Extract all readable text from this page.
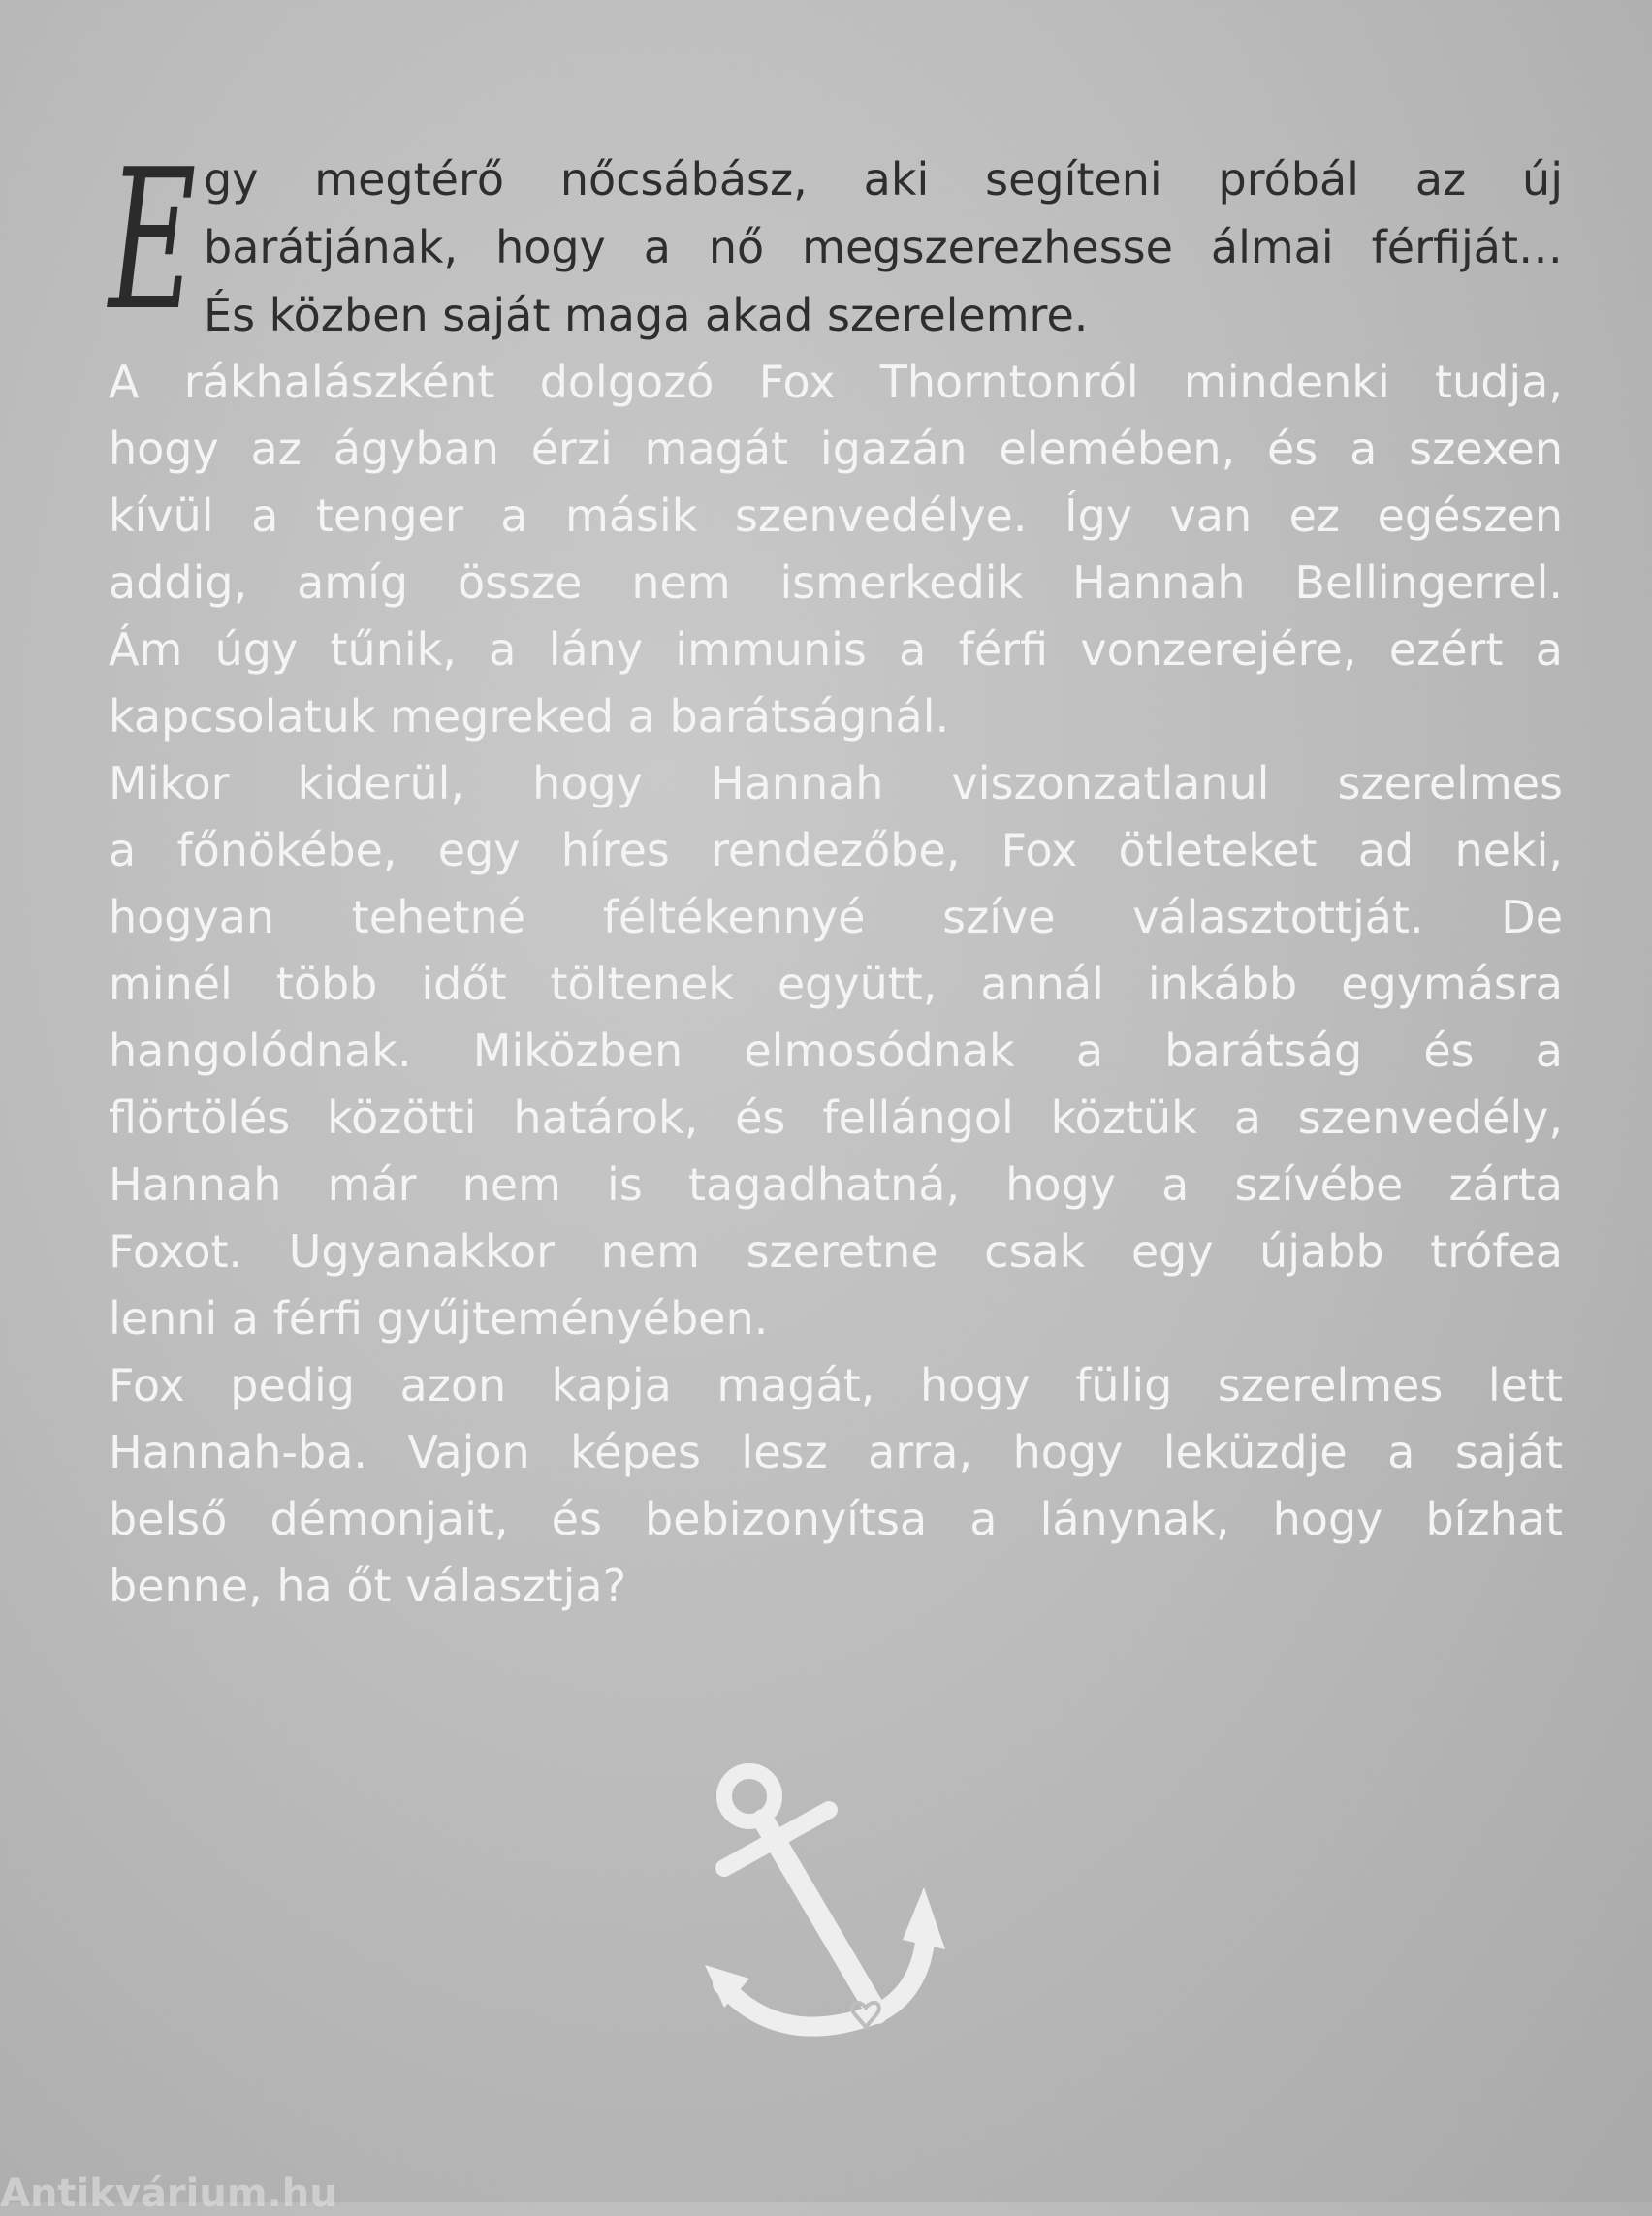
E gy megtérő nőcsábász, aki segíteni próbál az új
barátjának, hogy a nő megszerezhesse álmai férfiját…
És közben saját maga akad szerelemre.

A rákhalászként dolgozó Fox Thorntonról mindenki tudja,
hogy az ágyban érzi magát igazán elemében, és a szexen
kívül a tenger a másik szenvedélye. Így van ez egészen
addig, amíg össze nem ismerkedik Hannah Bellingerrel.
Ám úgy tűnik, a lány immunis a férfi vonzerejére, ezért a
kapcsolatuk megreked a barátságnál.

Mikor kiderül, hogy Hannah viszonzatlanul szerelmes
a főnökébe, egy híres rendezőbe, Fox ötleteket ad neki,
hogyan tehetné féltékennyé szíve választottját. De
minél több időt töltenek együtt, annál inkább egymásra
hangolódnak. Miközben elmosódnak a barátság és a
flörtölés közötti határok, és fellángol köztük a szenvedély,
Hannah már nem is tagadhatná, hogy a szívébe zárta
Foxot. Ugyanakkor nem szeretne csak egy újabb trófea
lenni a férfi gyűjteményében.

Fox pedig azon kapja magát, hogy fülig szerelmes lett
Hannah-ba. Vajon képes lesz arra, hogy leküzdje a saját
belső démonjait, és bebizonyítsa a lánynak, hogy bízhat
benne, ha őt választja?

Antikvárium.hu
